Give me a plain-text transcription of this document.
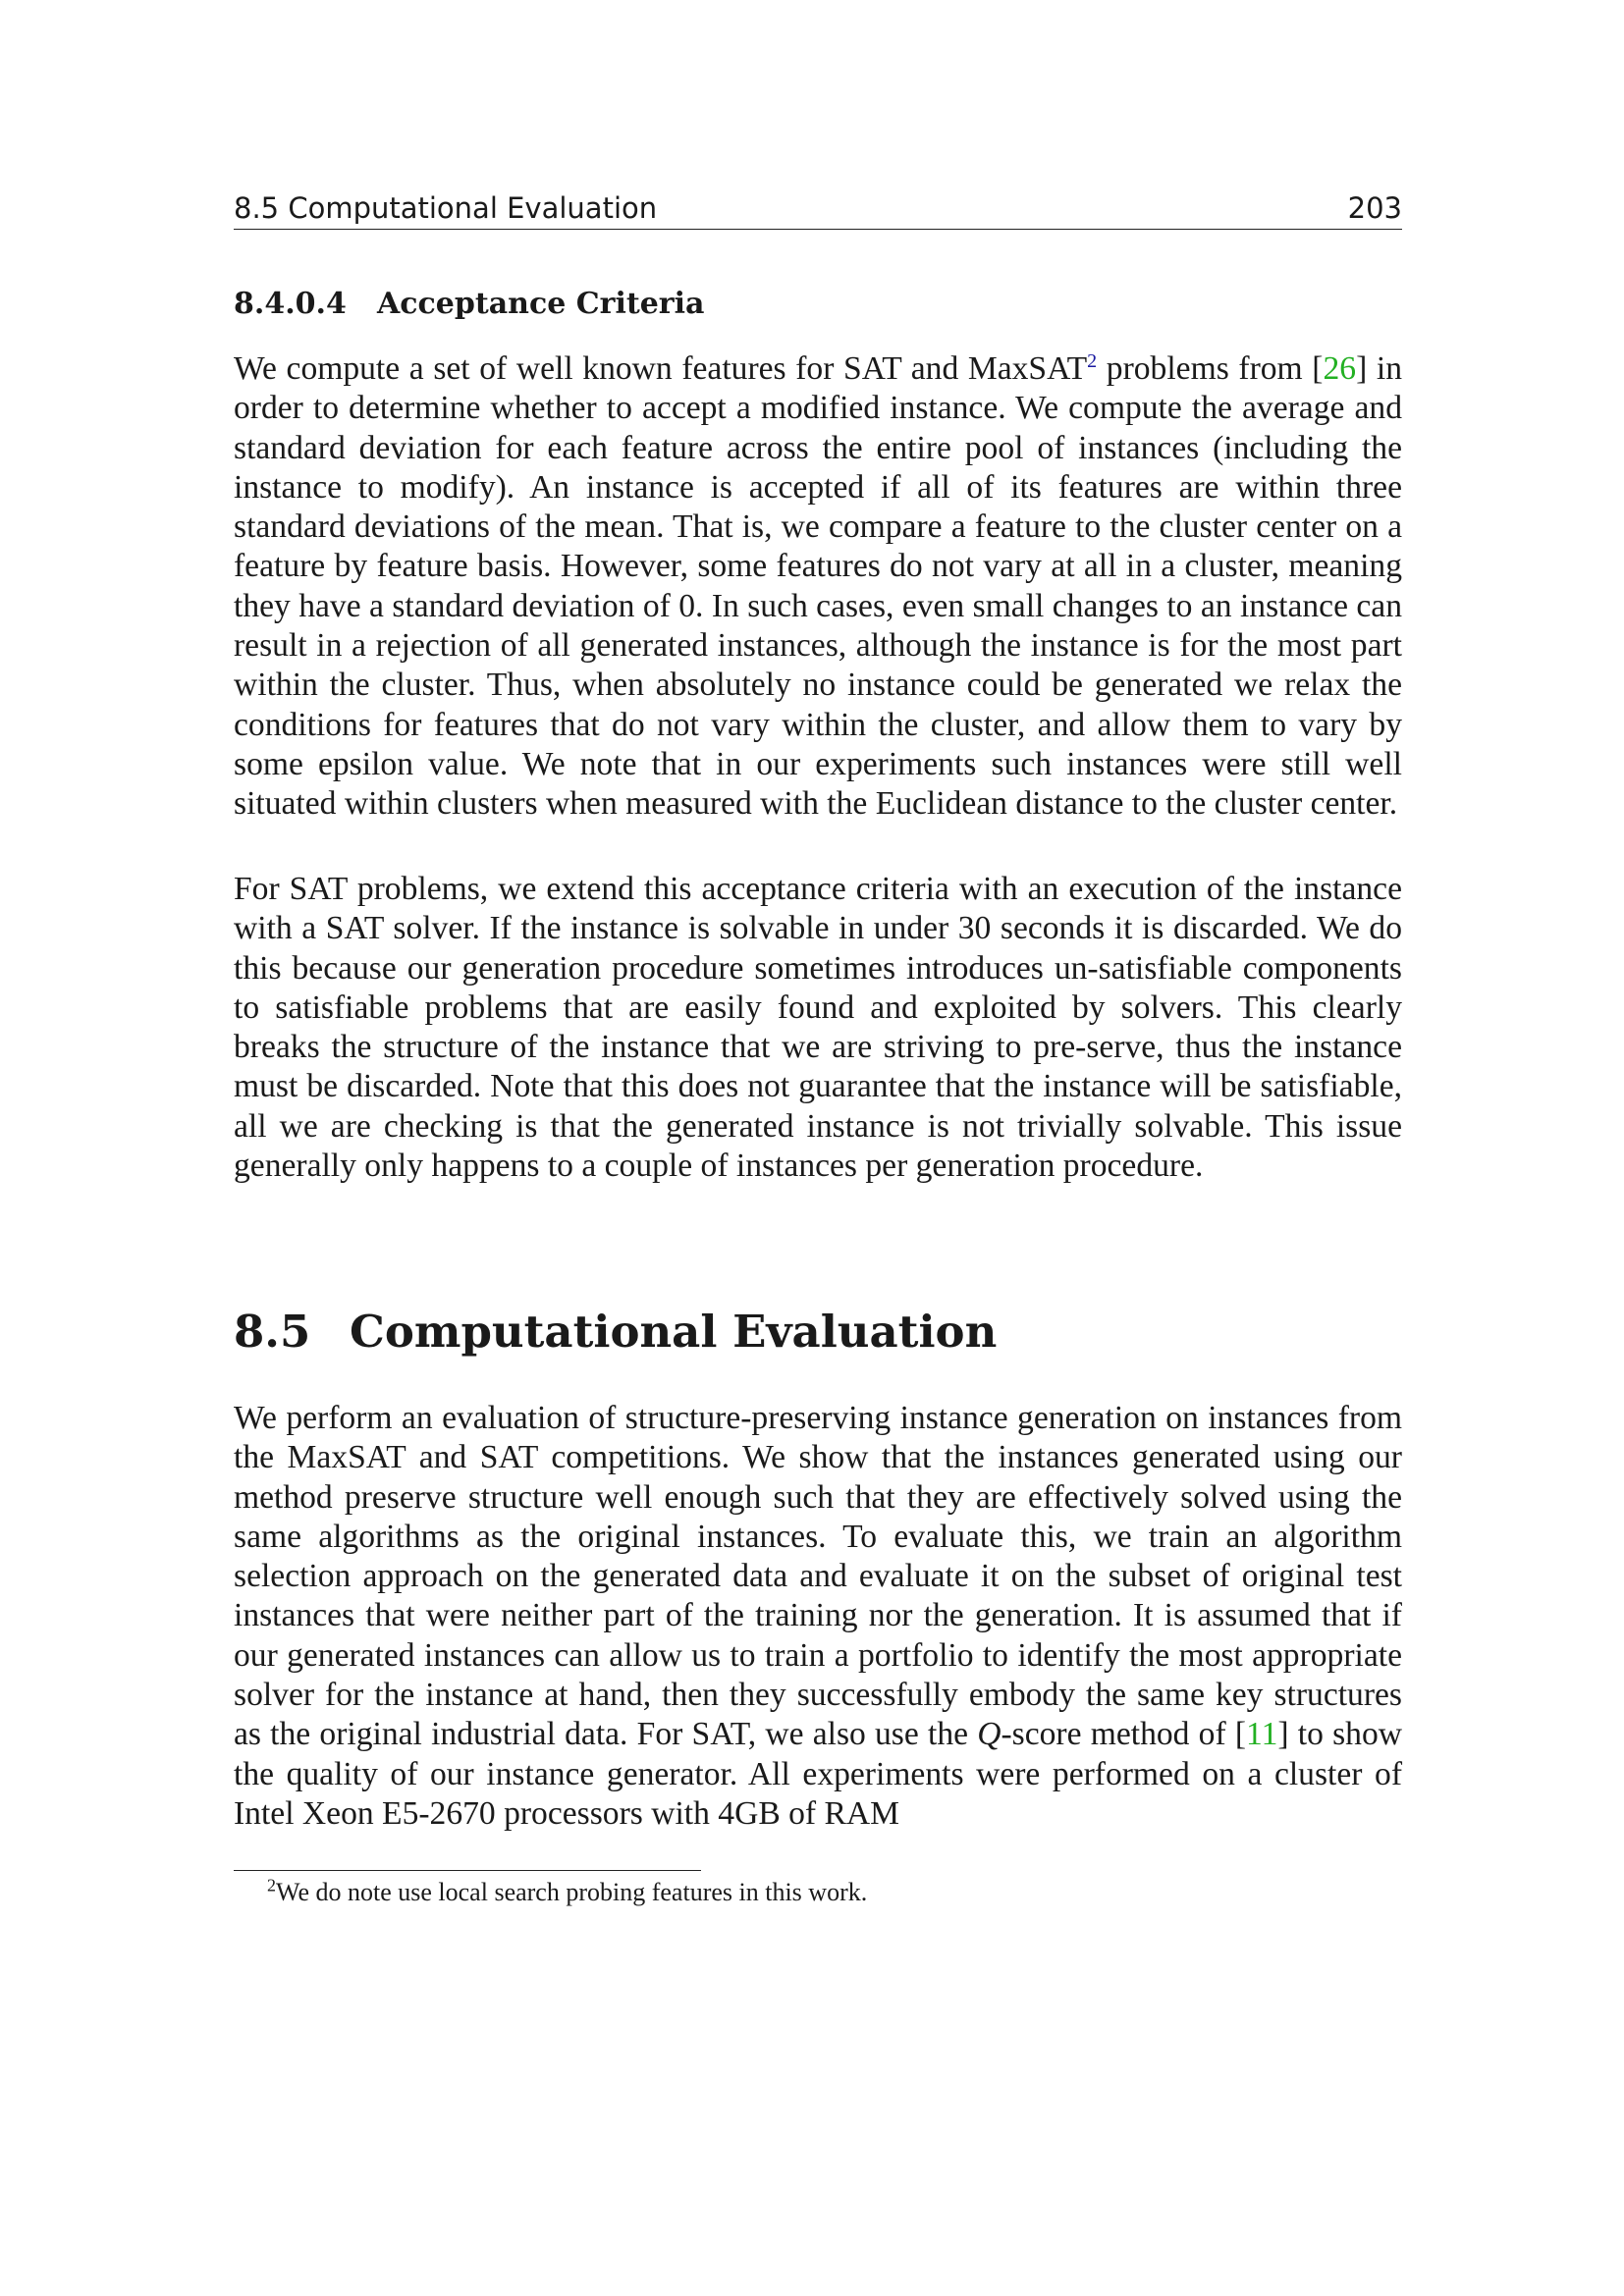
8.5 Computational Evaluation	203
8.4.0.4 Acceptance Criteria

We compute a set of well known features for SAT and MaxSAT$^2$ problems from [26] in order to determine whether to accept a modified instance. We compute the average and standard deviation for each feature across the entire pool of instances (including the instance to modify). An instance is accepted if all of its features are within three standard deviations of the mean. That is, we compare a feature to the cluster center on a feature by feature basis. However, some features do not vary at all in a cluster, meaning they have a standard deviation of 0. In such cases, even small changes to an instance can result in a rejection of all generated instances, although the instance is for the most part within the cluster. Thus, when absolutely no instance could be generated we relax the conditions for features that do not vary within the cluster, and allow them to vary by some epsilon value. We note that in our experiments such instances were still well situated within clusters when measured with the Euclidean distance to the cluster center.

For SAT problems, we extend this acceptance criteria with an execution of the instance with a SAT solver. If the instance is solvable in under 30 seconds it is discarded. We do this because our generation procedure sometimes introduces un-satisfiable components to satisfiable problems that are easily found and exploited by solvers. This clearly breaks the structure of the instance that we are striving to pre-serve, thus the instance must be discarded. Note that this does not guarantee that the instance will be satisfiable, all we are checking is that the generated instance is not trivially solvable. This issue generally only happens to a couple of instances per generation procedure.

8.5 Computational Evaluation

We perform an evaluation of structure-preserving instance generation on instances from the MaxSAT and SAT competitions. We show that the instances generated using our method preserve structure well enough such that they are effectively solved using the same algorithms as the original instances. To evaluate this, we train an algorithm selection approach on the generated data and evaluate it on the subset of original test instances that were neither part of the training nor the generation. It is assumed that if our generated instances can allow us to train a portfolio to identify the most appropriate solver for the instance at hand, then they successfully embody the same key structures as the original industrial data. For SAT, we also use the Q-score method of [11] to show the quality of our instance generator. All experiments were performed on a cluster of Intel Xeon E5-2670 processors with 4GB of RAM

$^2$We do note use local search probing features in this work.
